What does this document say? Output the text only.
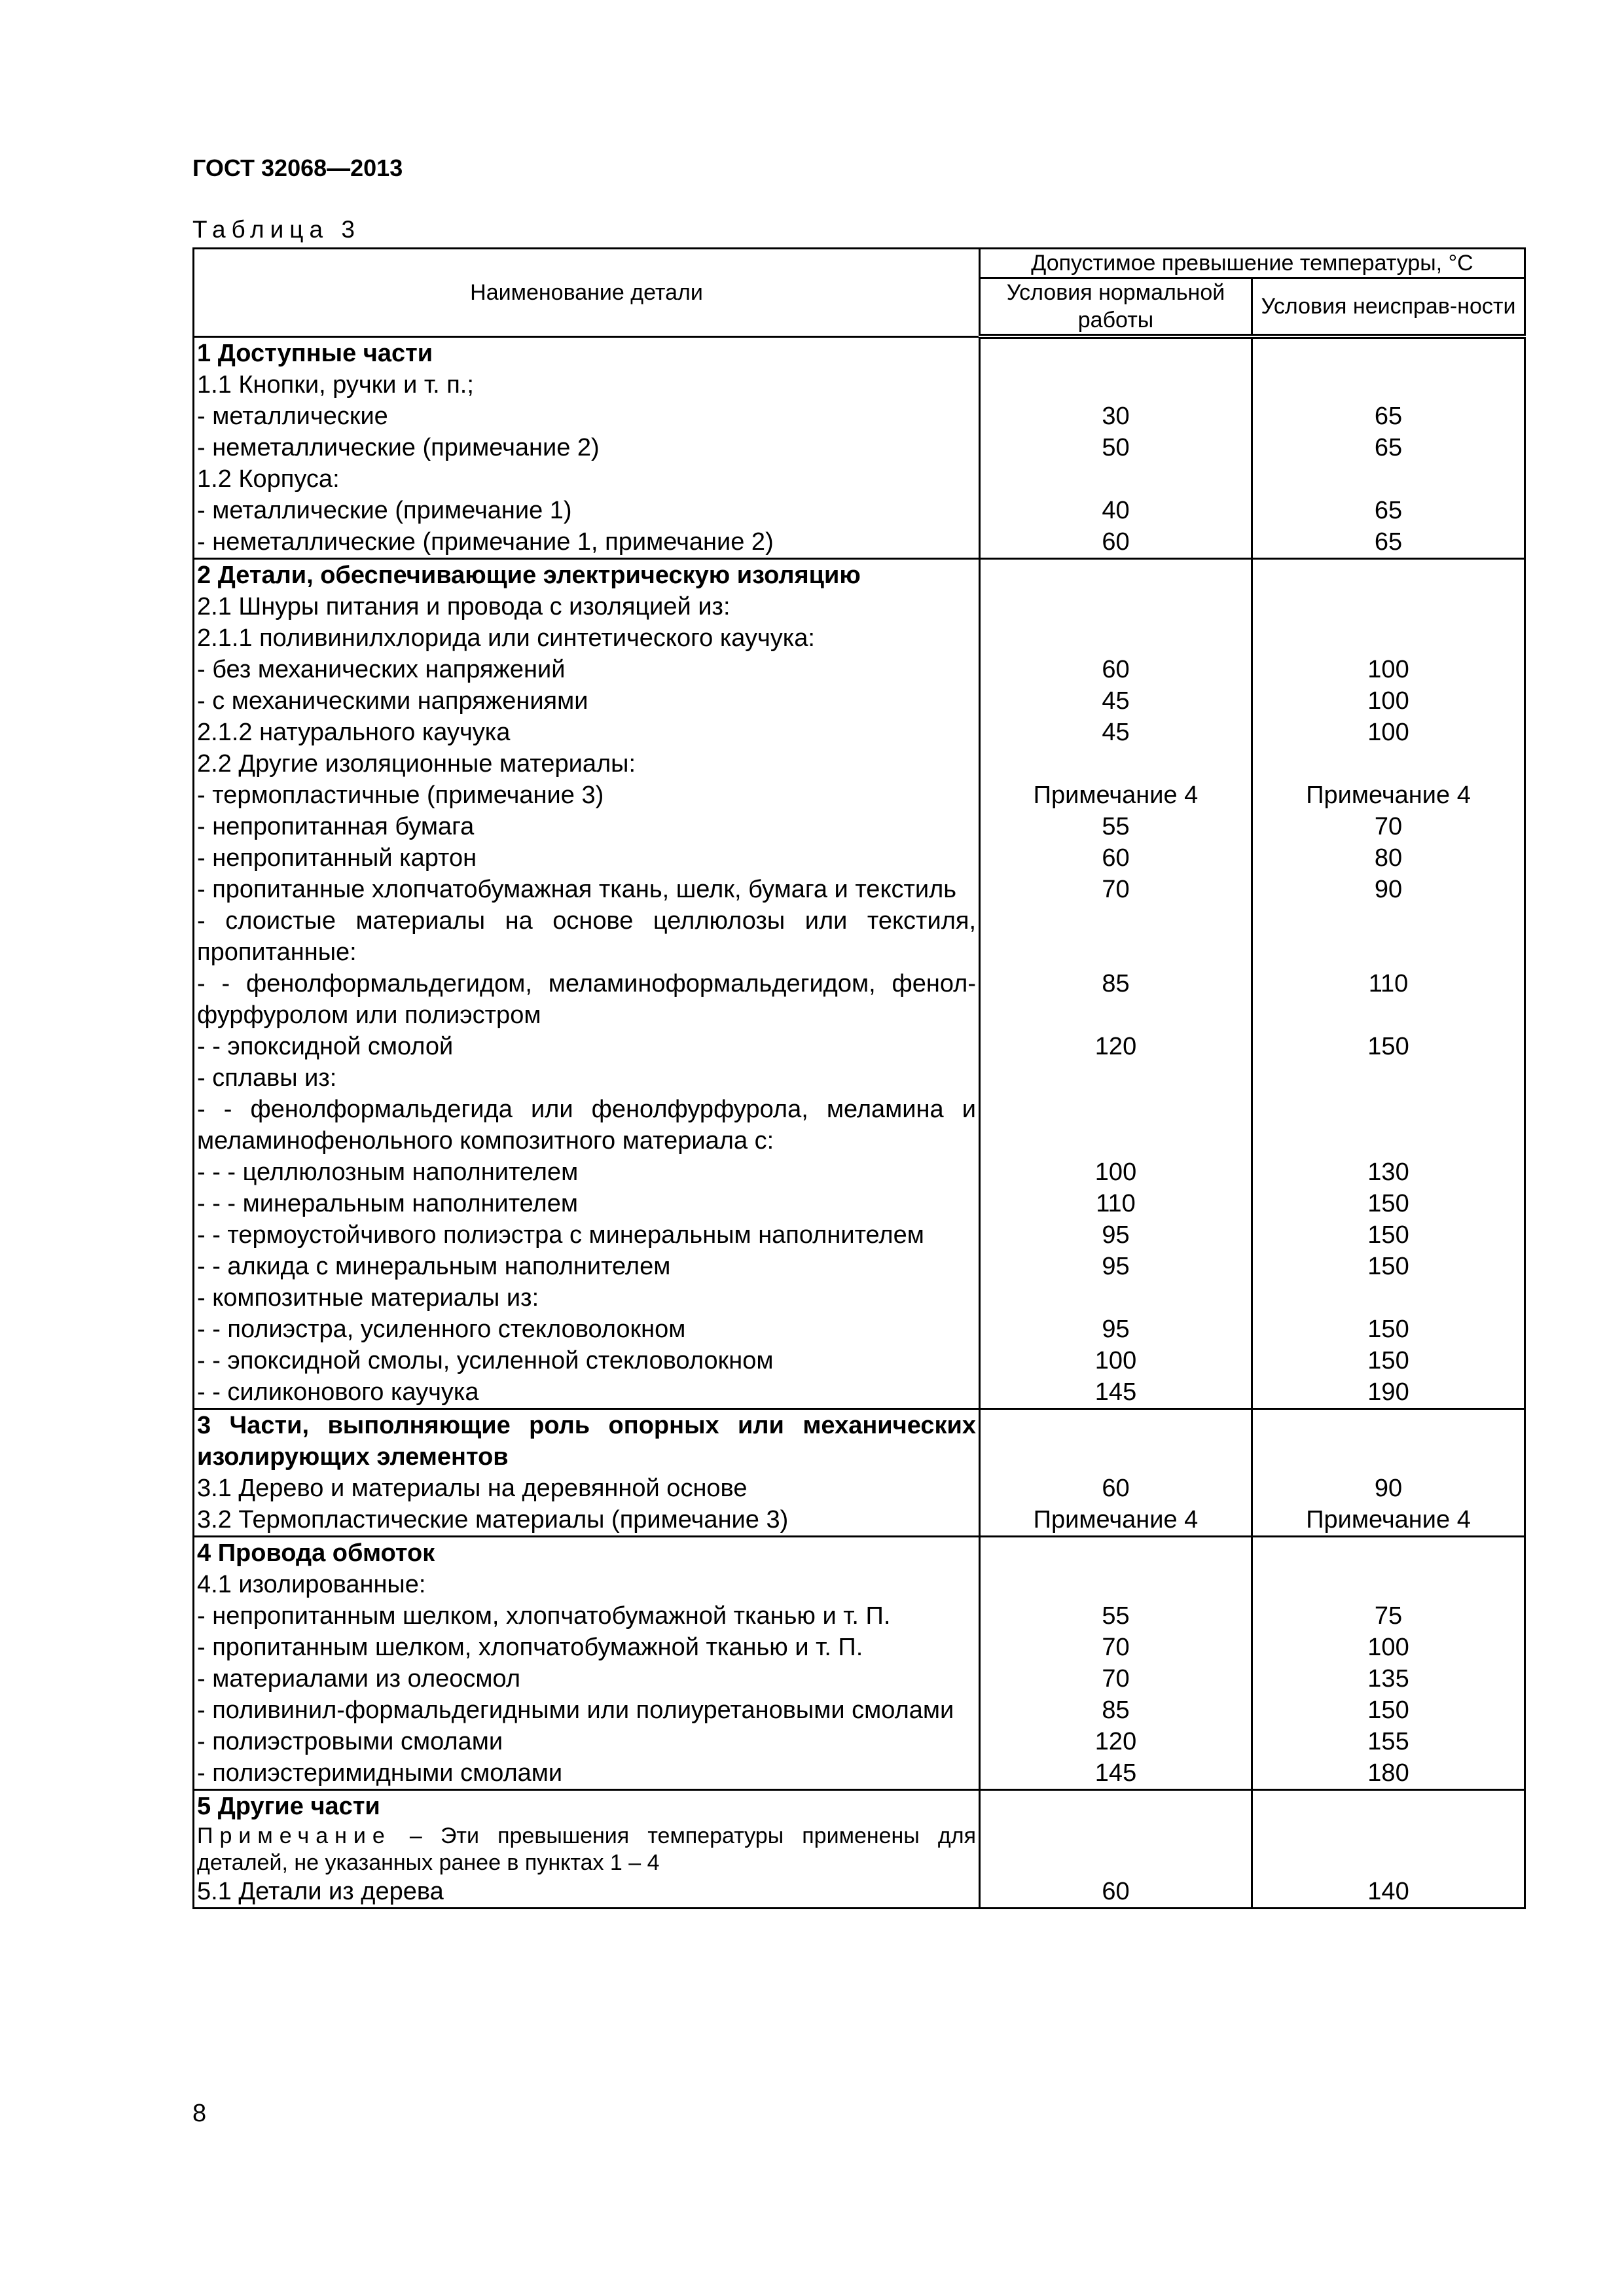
ГОСТ 32068—2013
Таблица 3
Наименование детали	Допустимое превышение температуры, °С	
	Условия нормальной работы	Условия неисправ-ности
1 Доступные части		
1.1 Кнопки, ручки и т. п.;		
- металлические	30	65
- неметаллические (примечание 2)	50	65
1.2 Корпуса:		
- металлические (примечание 1)	40	65
- неметаллические (примечание 1, примечание 2)	60	65
2 Детали, обеспечивающие электрическую изоляцию		
2.1 Шнуры питания и провода с изоляцией из:		
2.1.1 поливинилхлорида или синтетического каучука:		
- без механических напряжений	60	100
- с механическими напряжениями	45	100
2.1.2 натурального каучука	45	100
2.2 Другие изоляционные материалы:		
- термопластичные (примечание 3)	Примечание 4	Примечание 4
- непропитанная бумага	55	70
- непропитанный картон	60	80
- пропитанные хлопчатобумажная ткань, шелк, бумага и текстиль	70	90
- слоистые материалы на основе целлюлозы или текстиля, пропитанные:		
- - фенолформальдегидом, меламиноформальдегидом, фенол-фурфуролом или полиэстром	85	110
- - эпоксидной смолой	120	150
- сплавы из:		
- - фенолформальдегида или фенолфурфурола, меламина и меламинофенольного композитного материала с:		
- - - целлюлозным наполнителем	100	130
- - - минеральным наполнителем	110	150
- - термоустойчивого полиэстра с минеральным наполнителем	95	150
- - алкида с минеральным наполнителем	95	150
- композитные материалы из:		
- - полиэстра, усиленного стекловолокном	95	150
- - эпоксидной смолы, усиленной стекловолокном	100	150
- - силиконового каучука	145	190
3 Части, выполняющие роль опорных или механических изолирующих элементов		
3.1 Дерево и материалы на деревянной основе	60	90
3.2 Термопластические материалы (примечание 3)	Примечание 4	Примечание 4
4 Провода обмоток		
4.1 изолированные:		
- непропитанным шелком, хлопчатобумажной тканью и т. П.	55	75
- пропитанным шелком, хлопчатобумажной тканью и т. П.	70	100
- материалами из олеосмол	70	135
- поливинил-формальдегидными или полиуретановыми смолами	85	150
- полиэстровыми смолами	120	155
- полиэстеримидными смолами	145	180
5 Другие части		
Примечание – Эти превышения температуры применены для деталей, не указанных ранее в пунктах 1 – 4		
5.1 Детали из дерева	60	140
8
